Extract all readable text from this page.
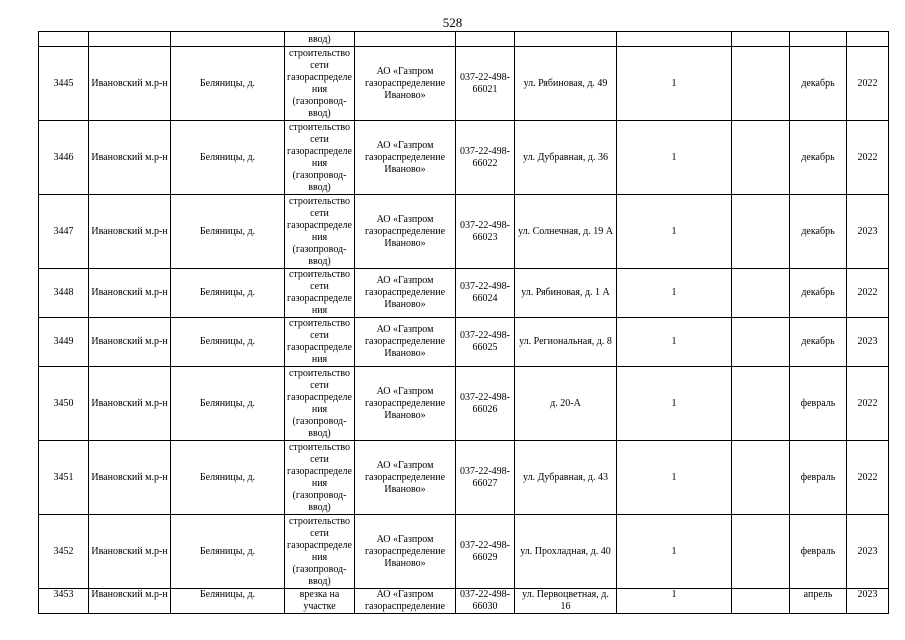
528
			ввод)							
3445	Ивановский м.р-н	Беляницы, д.	строительство сети газораспределения (газопровод-ввод)	АО «Газпром газораспределение Иваново»	037-22-498-66021	ул. Рябиновая, д. 49	1		декабрь	2022
3446	Ивановский м.р-н	Беляницы, д.	строительство сети газораспределения (газопровод-ввод)	АО «Газпром газораспределение Иваново»	037-22-498-66022	ул. Дубравная, д. 36	1		декабрь	2022
3447	Ивановский м.р-н	Беляницы, д.	строительство сети газораспределения (газопровод-ввод)	АО «Газпром газораспределение Иваново»	037-22-498-66023	ул. Солнечная, д. 19 А	1		декабрь	2023
3448	Ивановский м.р-н	Беляницы, д.	строительство сети газораспределения	АО «Газпром газораспределение Иваново»	037-22-498-66024	ул. Рябиновая, д. 1 А	1		декабрь	2022
3449	Ивановский м.р-н	Беляницы, д.	строительство сети газораспределения	АО «Газпром газораспределение Иваново»	037-22-498-66025	ул. Региональная, д. 8	1		декабрь	2023
3450	Ивановский м.р-н	Беляницы, д.	строительство сети газораспределения (газопровод-ввод)	АО «Газпром газораспределение Иваново»	037-22-498-66026	д. 20-А	1		февраль	2022
3451	Ивановский м.р-н	Беляницы, д.	строительство сети газораспределения (газопровод-ввод)	АО «Газпром газораспределение Иваново»	037-22-498-66027	ул. Дубравная, д. 43	1		февраль	2022
3452	Ивановский м.р-н	Беляницы, д.	строительство сети газораспределения (газопровод-ввод)	АО «Газпром газораспределение Иваново»	037-22-498-66029	ул. Прохладная, д. 40	1		февраль	2023
3453	Ивановский м.р-н	Беляницы, д.	врезка на участке	АО «Газпром газораспределение	037-22-498-66030	ул. Первоцветная, д. 16	1		апрель	2023
